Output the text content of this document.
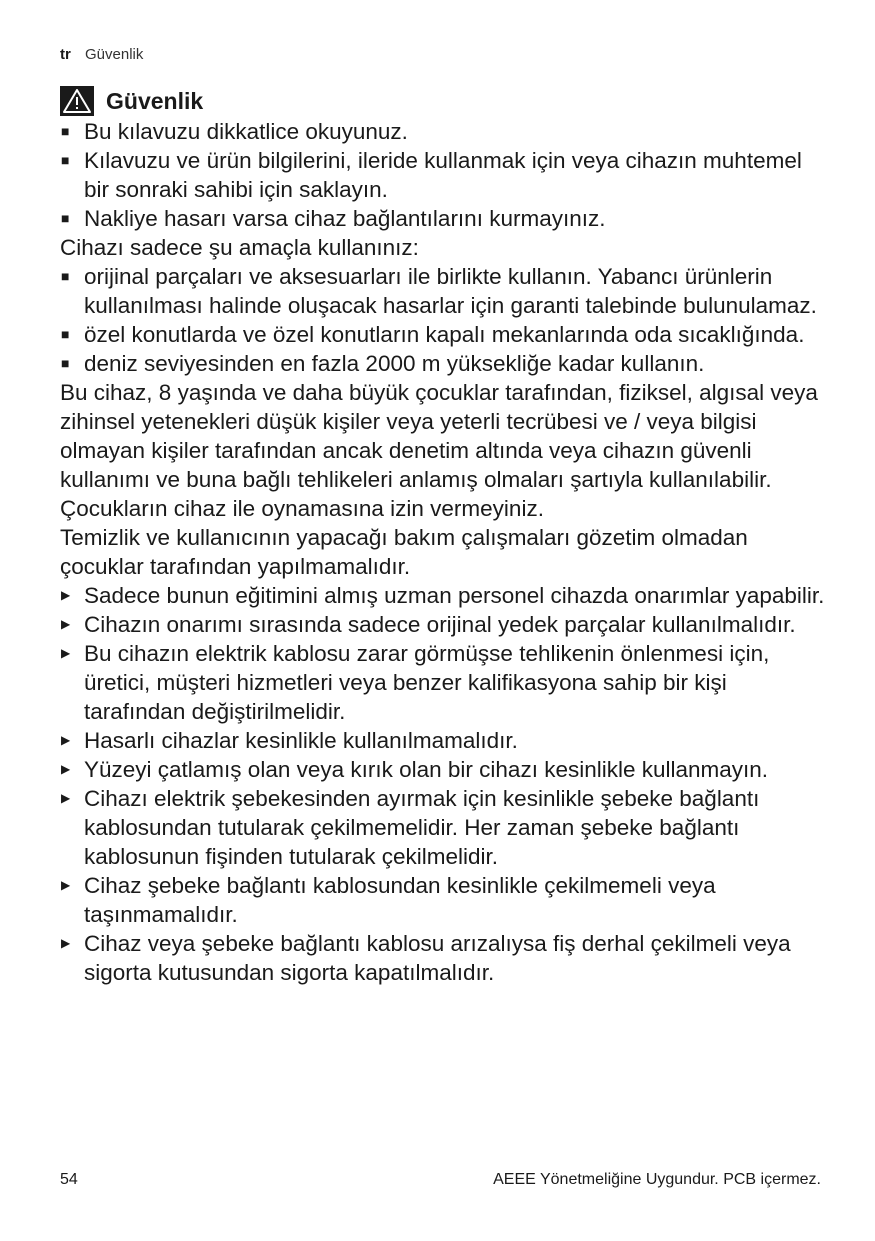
tr Güvenlik
Güvenlik
■ Bu kılavuzu dikkatlice okuyunuz.
■ Kılavuzu ve ürün bilgilerini, ileride kullanmak için veya cihazın muhtemel bir sonraki sahibi için saklayın.
■ Nakliye hasarı varsa cihaz bağlantılarını kurmayınız.
Cihazı sadece şu amaçla kullanınız:
■ orijinal parçaları ve aksesuarları ile birlikte kullanın. Yabancı ürünlerin kullanılması halinde oluşacak hasarlar için garanti talebinde bulunulamaz.
■ özel konutlarda ve özel konutların kapalı mekanlarında oda sıcaklığında.
■ deniz seviyesinden en fazla 2000 m yüksekliğe kadar kullanın.
Bu cihaz, 8 yaşında ve daha büyük çocuklar tarafından, fiziksel, algısal veya zihinsel yetenekleri düşük kişiler veya yeterli tecrübesi ve / veya bilgisi olmayan kişiler tarafından ancak denetim altında veya cihazın güvenli kullanımı ve buna bağlı tehlikeleri anlamış olmaları şartıyla kullanılabilir.
Çocukların cihaz ile oynamasına izin vermeyiniz.
Temizlik ve kullanıcının yapacağı bakım çalışmaları gözetim olmadan çocuklar tarafından yapılmamalıdır.
▶ Sadece bunun eğitimini almış uzman personel cihazda onarımlar yapabilir.
▶ Cihazın onarımı sırasında sadece orijinal yedek parçalar kullanılmalıdır.
▶ Bu cihazın elektrik kablosu zarar görmüşse tehlikenin önlenmesi için, üretici, müşteri hizmetleri veya benzer kalifikasyona sahip bir kişi tarafından değiştirilmelidir.
▶ Hasarlı cihazlar kesinlikle kullanılmamalıdır.
▶ Yüzeyi çatlamış olan veya kırık olan bir cihazı kesinlikle kullanmayın.
▶ Cihazı elektrik şebekesinden ayırmak için kesinlikle şebeke bağlantı kablosundan tutularak çekilmemelidir. Her zaman şebeke bağlantı kablosunun fişinden tutularak çekilmelidir.
▶ Cihaz şebeke bağlantı kablosundan kesinlikle çekilmemeli veya taşınmamalıdır.
▶ Cihaz veya şebeke bağlantı kablosu arızalıysa fiş derhal çekilmeli veya sigorta kutusundan sigorta kapatılmalıdır.
54	AEEE Yönetmeliğine Uygundur. PCB içermez.
